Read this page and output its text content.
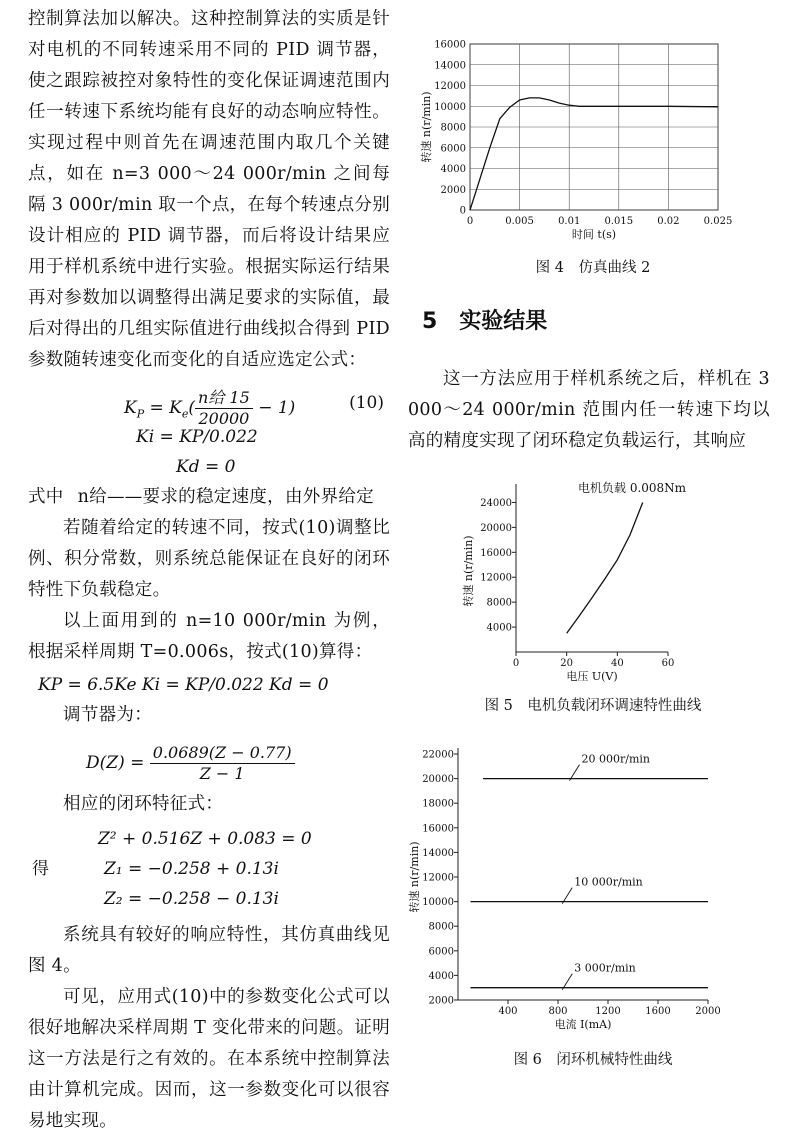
控制算法加以解决。这种控制算法的实质是针对电机的不同转速采用不同的 PID 调节器，使之跟踪被控对象特性的变化保证调速范围内任一转速下系统均能有良好的动态响应特性。实现过程中则首先在调速范围内取几个关键点，如在 n=3 000～24 000r/min 之间每隔 3 000r/min 取一个点，在每个转速点分别设计相应的 PID 调节器，而后将设计结果应用于样机系统中进行实验。根据实际运行结果再对参数加以调整得出满足要求的实际值，最后对得出的几组实际值进行曲线拟合得到 PID 参数随转速变化而变化的自适应选定公式：

$K_P = K_e( \frac{\text{n给 15}}{20000} - 1)$	(10)

Ki = KP/0.022

Kd = 0

式中 n给——要求的稳定速度，由外界给定

若随着给定的转速不同，按式(10)调整比例、积分常数，则系统总能保证在良好的闭环特性下负载稳定。

以上面用到的 n=10 000r/min 为例，根据采样周期 T=0.006s，按式(10)算得：

KP = 6.5Ke Ki = KP/0.022 Kd = 0

调节器为：

$D(Z) = \frac{0.0689(Z - 0.77)}{Z - 1}$

相应的闭环特征式：

Z² + 0.516Z + 0.083 = 0

得	Z₁ = −0.258 + 0.13i

Z₂ = −0.258 − 0.13i

系统具有较好的响应特性，其仿真曲线见图 4。

可见，应用式(10)中的参数变化公式可以很好地解决采样周期 T 变化带来的问题。证明这一方法是行之有效的。在本系统中控制算法由计算机完成。因而，这一参数变化可以很容易地实现。

0
2000
4000
6000
8000
10000
12000
14000
16000
0	0.005 0.01 0.015 0.02 0.025
时间 t(s)
转速 n(r/min)

图 4　仿真曲线 2

5　实验结果

这一方法应用于样机系统之后，样机在 3 000～24 000r/min 范围内任一转速下均以高的精度实现了闭环稳定负载运行，其响应

4000
8000
12000
16000
20000
24000
0	20	40	60
电压 U(V)
转速 n(r/min)
电机负载 0.008Nm

图 5　电机负载闭环调速特性曲线

2000
4000
6000
8000
10000
12000
14000
16000
18000
20000
22000
400	800	1200 1600 2000
电流 I(mA)
转速 n(r/min)
20 000r/min
10 000r/min
3 000r/min

图 6　闭环机械特性曲线
